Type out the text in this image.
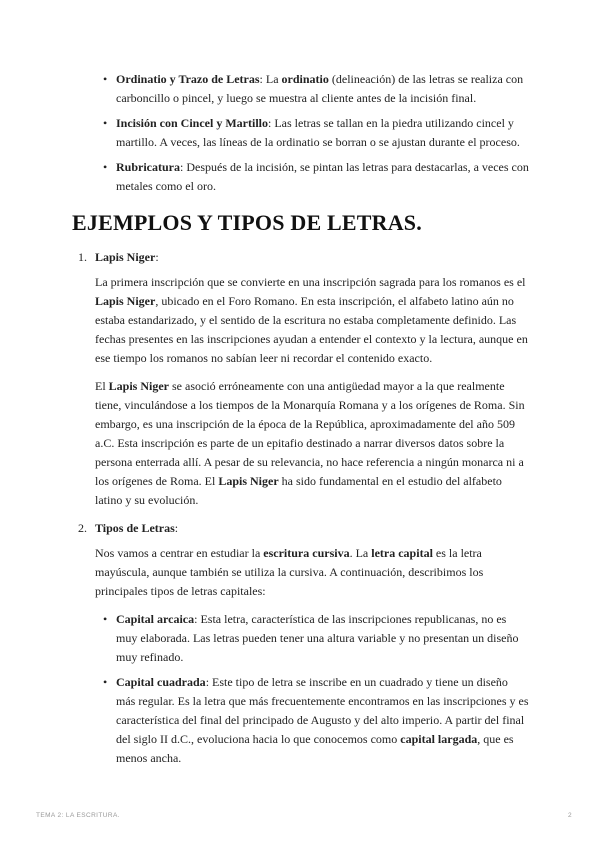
• Ordinatio y Trazo de Letras: La ordinatio (delineación) de las letras se realiza con carboncillo o pincel, y luego se muestra al cliente antes de la incisión final.
• Incisión con Cincel y Martillo: Las letras se tallan en la piedra utilizando cincel y martillo. A veces, las líneas de la ordinatio se borran o se ajustan durante el proceso.
• Rubricatura: Después de la incisión, se pintan las letras para destacarlas, a veces con metales como el oro.
EJEMPLOS Y TIPOS DE LETRAS.
1. Lapis Niger:

La primera inscripción que se convierte en una inscripción sagrada para los romanos es el Lapis Niger, ubicado en el Foro Romano. En esta inscripción, el alfabeto latino aún no estaba estandarizado, y el sentido de la escritura no estaba completamente definido. Las fechas presentes en las inscripciones ayudan a entender el contexto y la lectura, aunque en ese tiempo los romanos no sabían leer ni recordar el contenido exacto.

El Lapis Niger se asoció erróneamente con una antigüedad mayor a la que realmente tiene, vinculándose a los tiempos de la Monarquía Romana y a los orígenes de Roma. Sin embargo, es una inscripción de la época de la República, aproximadamente del año 509 a.C. Esta inscripción es parte de un epitafio destinado a narrar diversos datos sobre la persona enterrada allí. A pesar de su relevancia, no hace referencia a ningún monarca ni a los orígenes de Roma. El Lapis Niger ha sido fundamental en el estudio del alfabeto latino y su evolución.

2. Tipos de Letras:

Nos vamos a centrar en estudiar la escritura cursiva. La letra capital es la letra mayúscula, aunque también se utiliza la cursiva. A continuación, describimos los principales tipos de letras capitales:

• Capital arcaica: Esta letra, característica de las inscripciones republicanas, no es muy elaborada. Las letras pueden tener una altura variable y no presentan un diseño muy refinado.
• Capital cuadrada: Este tipo de letra se inscribe en un cuadrado y tiene un diseño más regular. Es la letra que más frecuentemente encontramos en las inscripciones y es característica del final del principado de Augusto y del alto imperio. A partir del final del siglo II d.C., evoluciona hacia lo que conocemos como capital largada, que es menos ancha.
TEMA 2: LA ESCRITURA.	2
